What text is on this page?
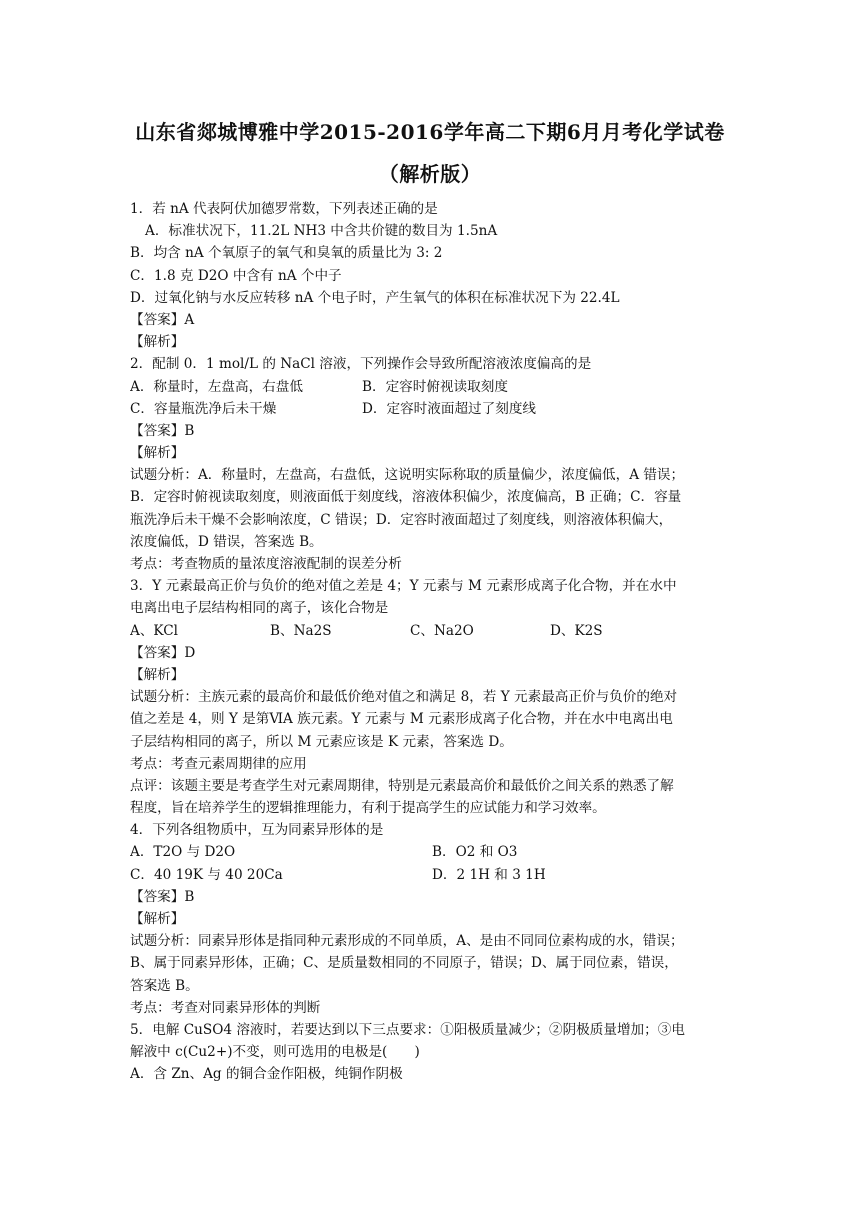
山东省郯城博雅中学2015-2016学年高二下期6月月考化学试卷
（解析版）
1．若 nA 代表阿伏加德罗常数，下列表述正确的是
A．标准状况下，11.2L NH3 中含共价键的数目为 1.5nA
B．均含 nA 个氧原子的氧气和臭氧的质量比为 3: 2
C．1.8 克 D2O 中含有 nA 个中子
D．过氧化钠与水反应转移 nA 个电子时，产生氧气的体积在标准状况下为 22.4L
【答案】A
【解析】
2．配制 0．1 mol/L 的 NaCl 溶液，下列操作会导致所配溶液浓度偏高的是
A．称量时，左盘高，右盘低	B．定容时俯视读取刻度
C．容量瓶洗净后未干燥	D．定容时液面超过了刻度线
【答案】B
【解析】
试题分析：A．称量时，左盘高，右盘低，这说明实际称取的质量偏少，浓度偏低，A 错误；
B．定容时俯视读取刻度，则液面低于刻度线，溶液体积偏少，浓度偏高，B 正确；C．容量
瓶洗净后未干燥不会影响浓度，C 错误；D．定容时液面超过了刻度线，则溶液体积偏大，
浓度偏低，D 错误，答案选 B。
考点：考查物质的量浓度溶液配制的误差分析
3．Y 元素最高正价与负价的绝对值之差是 4；Y 元素与 M 元素形成离子化合物，并在水中
电离出电子层结构相同的离子，该化合物是
A、KCl	B、Na2S	C、Na2O	D、K2S
【答案】D
【解析】
试题分析：主族元素的最高价和最低价绝对值之和满足 8，若 Y 元素最高正价与负价的绝对
值之差是 4，则 Y 是第ⅥA 族元素。Y 元素与 M 元素形成离子化合物，并在水中电离出电
子层结构相同的离子，所以 M 元素应该是 K 元素，答案选 D。
考点：考查元素周期律的应用
点评：该题主要是考查学生对元素周期律，特别是元素最高价和最低价之间关系的熟悉了解
程度，旨在培养学生的逻辑推理能力，有利于提高学生的应试能力和学习效率。
4．下列各组物质中，互为同素异形体的是
A．T2O 与 D2O	B．O2 和 O3
C．40 19K 与 40 20Ca	D．2 1H 和 3 1H
【答案】B
【解析】
试题分析：同素异形体是指同种元素形成的不同单质，A、是由不同同位素构成的水，错误；
B、属于同素异形体，正确；C、是质量数相同的不同原子，错误；D、属于同位素，错误，
答案选 B。
考点：考查对同素异形体的判断
5．电解 CuSO4 溶液时，若要达到以下三点要求：①阳极质量减少；②阴极质量增加；③电
解液中 c(Cu2+)不变，则可选用的电极是(　　)
A．含 Zn、Ag 的铜合金作阳极，纯铜作阴极
